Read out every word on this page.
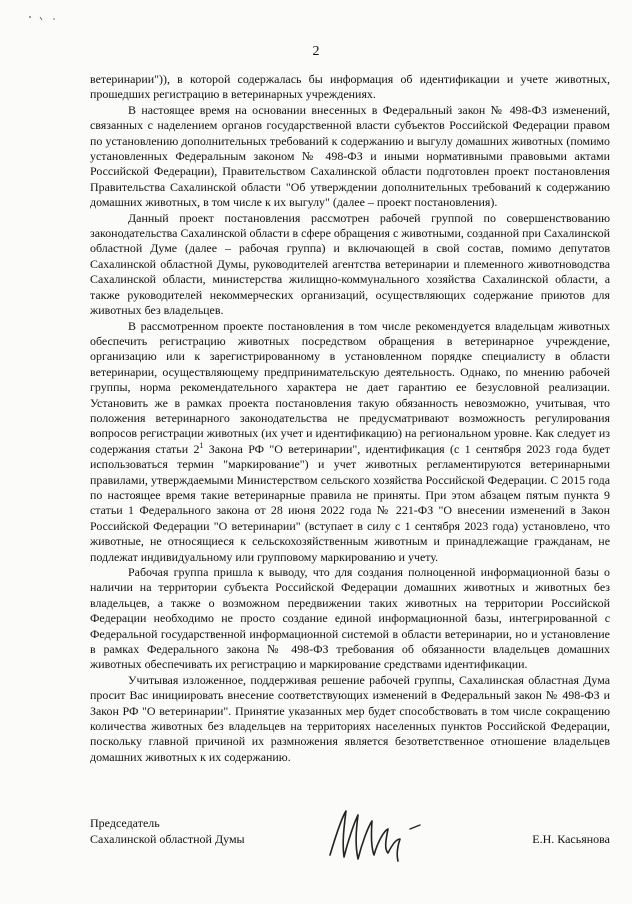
2

ветеринарии")), в которой содержалась бы информация об идентификации и учете животных, прошедших регистрацию в ветеринарных учреждениях.

В настоящее время на основании внесенных в Федеральный закон № 498-ФЗ изменений, связанных с наделением органов государственной власти субъектов Российской Федерации правом по установлению дополнительных требований к содержанию и выгулу домашних животных (помимо установленных Федеральным законом № 498-ФЗ и иными нормативными правовыми актами Российской Федерации), Правительством Сахалинской области подготовлен проект постановления Правительства Сахалинской области "Об утверждении дополнительных требований к содержанию домашних животных, в том числе к их выгулу" (далее – проект постановления).

Данный проект постановления рассмотрен рабочей группой по совершенствованию законодательства Сахалинской области в сфере обращения с животными, созданной при Сахалинской областной Думе (далее – рабочая группа) и включающей в свой состав, помимо депутатов Сахалинской областной Думы, руководителей агентства ветеринарии и племенного животноводства Сахалинской области, министерства жилищно-коммунального хозяйства Сахалинской области, а также руководителей некоммерческих организаций, осуществляющих содержание приютов для животных без владельцев.

В рассмотренном проекте постановления в том числе рекомендуется владельцам животных обеспечить регистрацию животных посредством обращения в ветеринарное учреждение, организацию или к зарегистрированному в установленном порядке специалисту в области ветеринарии, осуществляющему предпринимательскую деятельность. Однако, по мнению рабочей группы, норма рекомендательного характера не дает гарантию ее безусловной реализации. Установить же в рамках проекта постановления такую обязанность невозможно, учитывая, что положения ветеринарного законодательства не предусматривают возможность регулирования вопросов регистрации животных (их учет и идентификацию) на региональном уровне. Как следует из содержания статьи $2^1$ Закона РФ "О ветеринарии", идентификация (с 1 сентября 2023 года будет использоваться термин "маркирование") и учет животных регламентируются ветеринарными правилами, утверждаемыми Министерством сельского хозяйства Российской Федерации. С 2015 года по настоящее время такие ветеринарные правила не приняты. При этом абзацем пятым пункта 9 статьи 1 Федерального закона от 28 июня 2022 года № 221-ФЗ "О внесении изменений в Закон Российской Федерации "О ветеринарии" (вступает в силу с 1 сентября 2023 года) установлено, что животные, не относящиеся к сельскохозяйственным животным и принадлежащие гражданам, не подлежат индивидуальному или групповому маркированию и учету.

Рабочая группа пришла к выводу, что для создания полноценной информационной базы о наличии на территории субъекта Российской Федерации домашних животных и животных без владельцев, а также о возможном передвижении таких животных на территории Российской Федерации необходимо не просто создание единой информационной базы, интегрированной с Федеральной государственной информационной системой в области ветеринарии, но и установление в рамках Федерального закона № 498-ФЗ требования об обязанности владельцев домашних животных обеспечивать их регистрацию и маркирование средствами идентификации.

Учитывая изложенное, поддерживая решение рабочей группы, Сахалинская областная Дума просит Вас инициировать внесение соответствующих изменений в Федеральный закон № 498-ФЗ и Закон РФ "О ветеринарии". Принятие указанных мер будет способствовать в том числе сокращению количества животных без владельцев на территориях населенных пунктов Российской Федерации, поскольку главной причиной их размножения является безответственное отношение владельцев домашних животных к их содержанию.

Председатель
Сахалинской областной Думы	Е.Н. Касьянова
